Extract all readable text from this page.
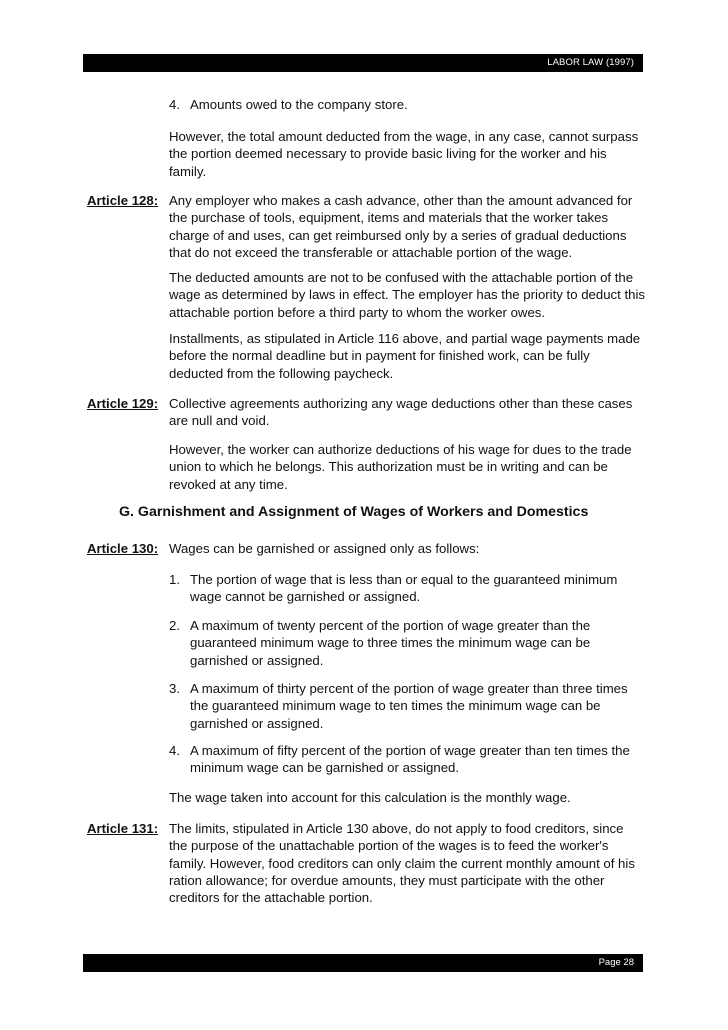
LABOR LAW (1997)
4. Amounts owed to the company store.

However, the total amount deducted from the wage, in any case, cannot surpass the portion deemed necessary to provide basic living for the worker and his family.

Article 128: Any employer who makes a cash advance, other than the amount advanced for the purchase of tools, equipment, items and materials that the worker takes charge of and uses, can get reimbursed only by a series of gradual deductions that do not exceed the transferable or attachable portion of the wage.

The deducted amounts are not to be confused with the attachable portion of the wage as determined by laws in effect. The employer has the priority to deduct this attachable portion before a third party to whom the worker owes.

Installments, as stipulated in Article 116 above, and partial wage payments made before the normal deadline but in payment for finished work, can be fully deducted from the following paycheck.

Article 129: Collective agreements authorizing any wage deductions other than these cases are null and void.

However, the worker can authorize deductions of his wage for dues to the trade union to which he belongs. This authorization must be in writing and can be revoked at any time.

G. Garnishment and Assignment of Wages of Workers and Domestics
Article 130: Wages can be garnished or assigned only as follows:
1. The portion of wage that is less than or equal to the guaranteed minimum wage cannot be garnished or assigned.
2. A maximum of twenty percent of the portion of wage greater than the guaranteed minimum wage to three times the minimum wage can be garnished or assigned.
3. A maximum of thirty percent of the portion of wage greater than three times the guaranteed minimum wage to ten times the minimum wage can be garnished or assigned.
4. A maximum of fifty percent of the portion of wage greater than ten times the minimum wage can be garnished or assigned.

The wage taken into account for this calculation is the monthly wage.

Article 131: The limits, stipulated in Article 130 above, do not apply to food creditors, since the purpose of the unattachable portion of the wages is to feed the worker's family. However, food creditors can only claim the current monthly amount of his ration allowance; for overdue amounts, they must participate with the other creditors for the attachable portion.
Page 28
